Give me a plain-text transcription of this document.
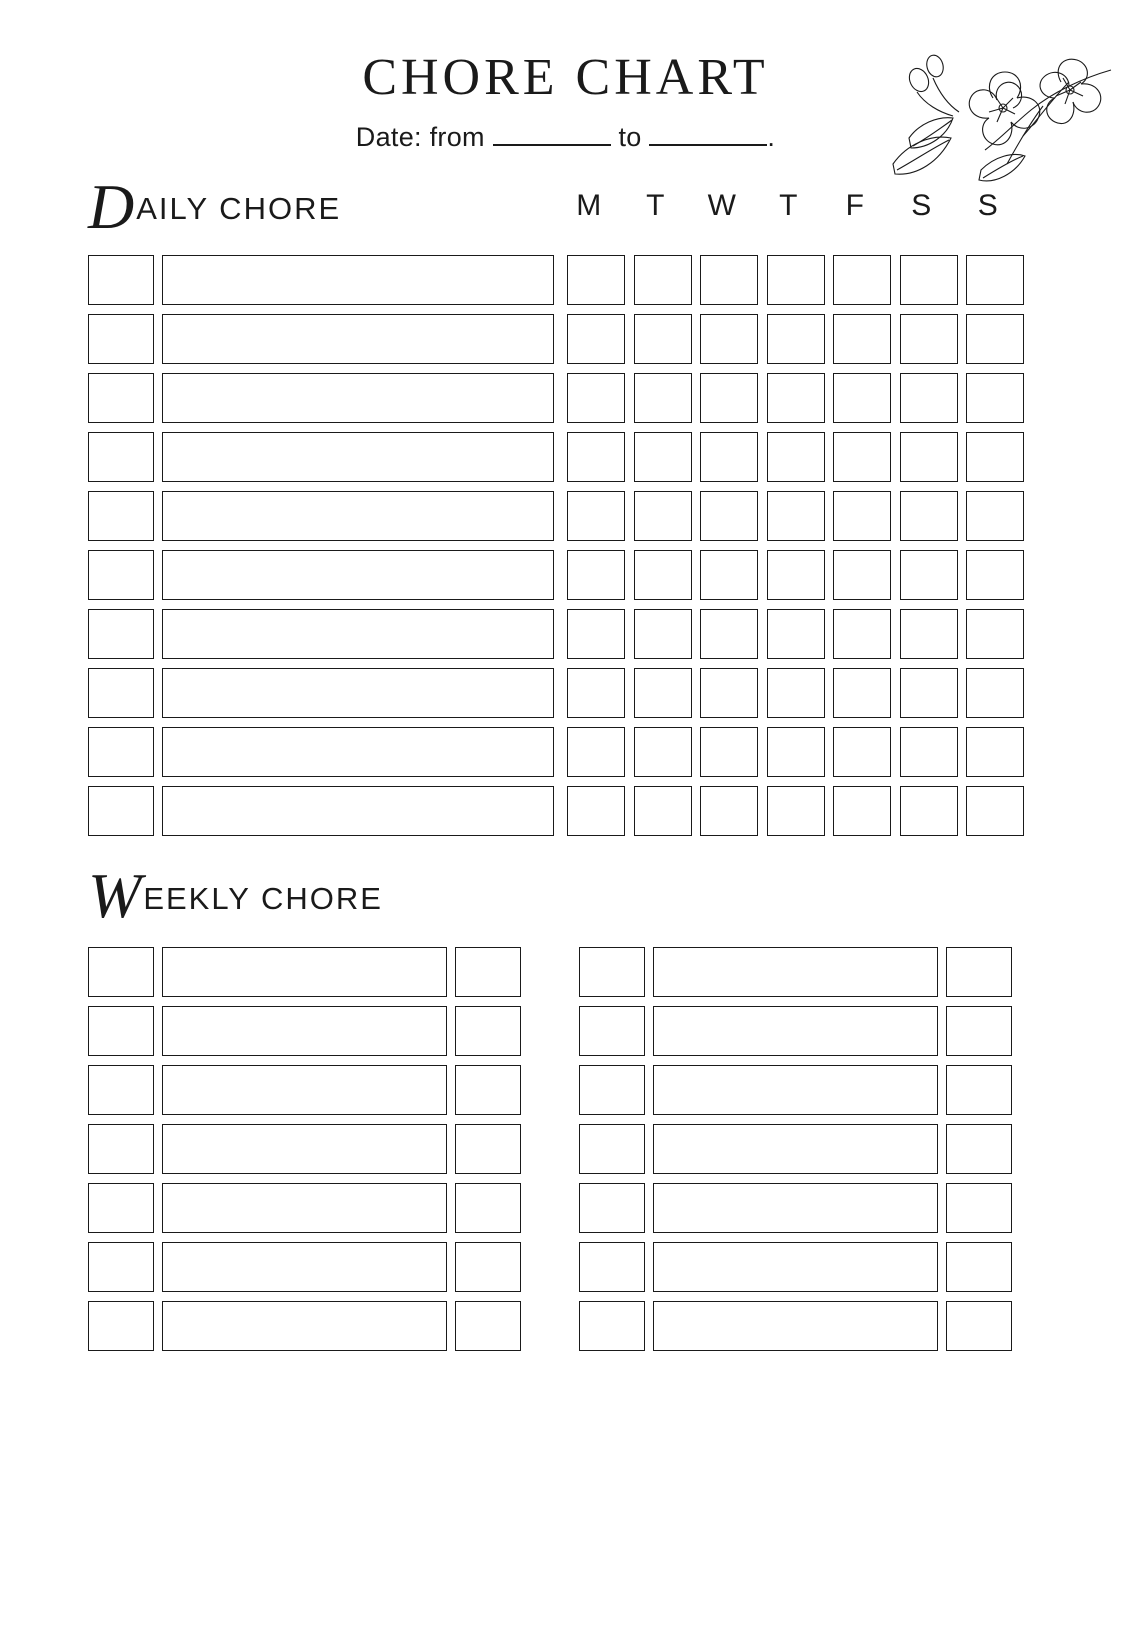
CHORE CHART
Date: from	to	.
D AILY CHORE	M	T	W	T	F	S	S
W EEKLY CHORE
